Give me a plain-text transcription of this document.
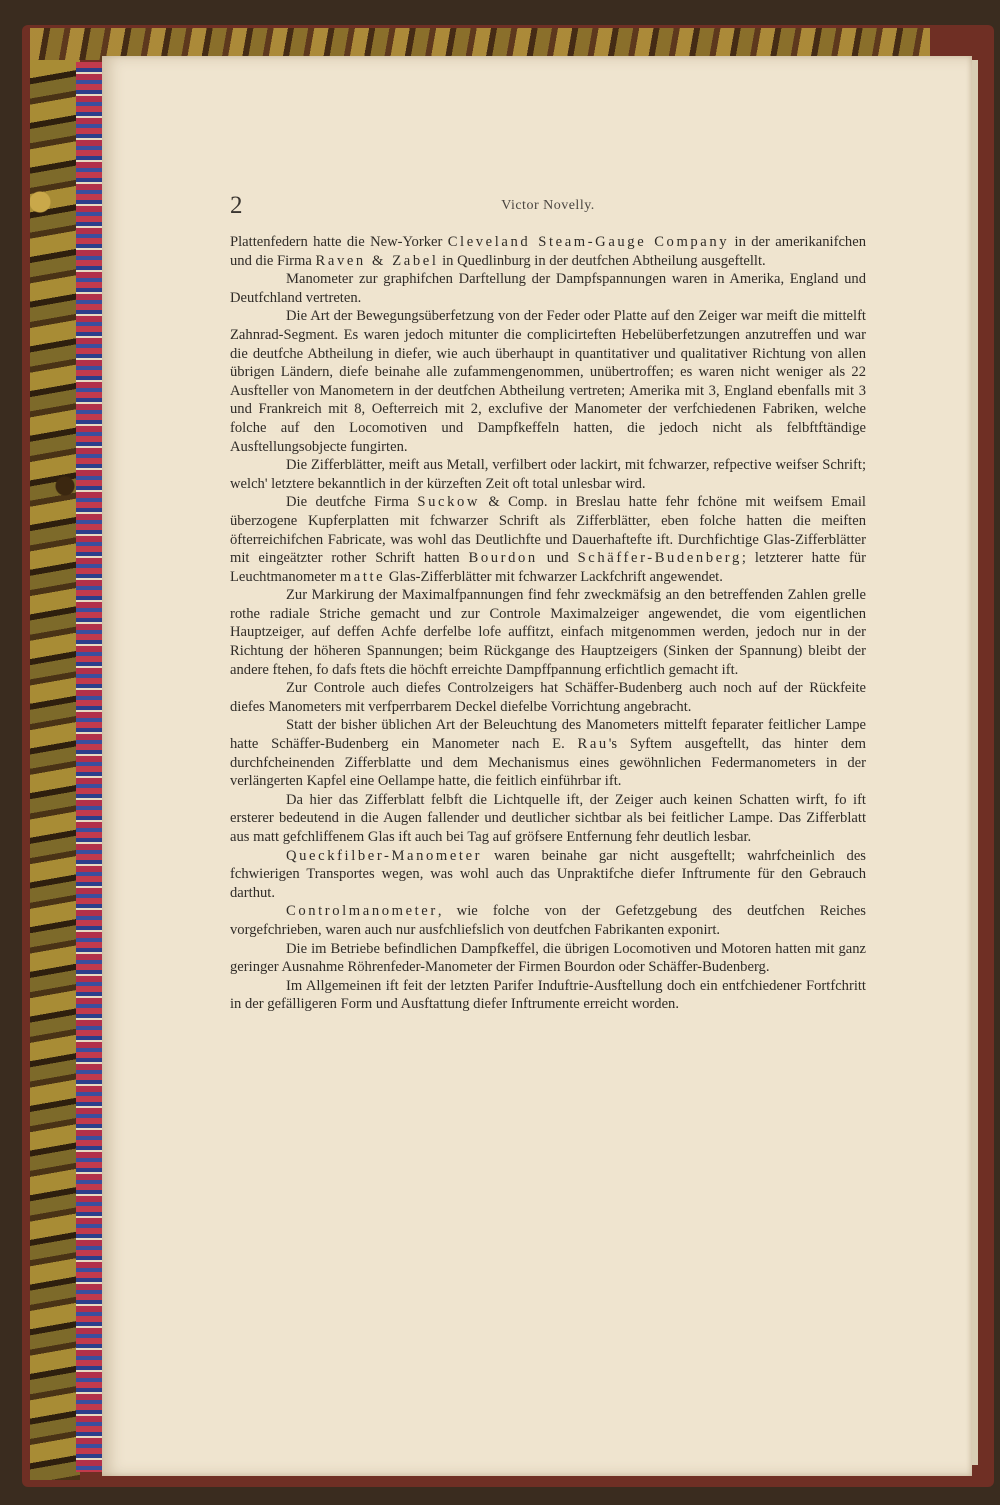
2	Victor Novelly.

Plattenfedern hatte die New-Yorker Cleveland Steam-Gauge Company in der amerikanifchen und die Firma Raven & Zabel in Quedlinburg in der deutfchen Abtheilung ausgeftellt.

Manometer zur graphifchen Darftellung der Dampfspannungen waren in Amerika, England und Deutfchland vertreten.

Die Art der Bewegungsüberfetzung von der Feder oder Platte auf den Zeiger war meift die mittelft Zahnrad-Segment. Es waren jedoch mitunter die complicirteften Hebelüberfetzungen anzutreffen und war die deutfche Abtheilung in diefer, wie auch überhaupt in quantitativer und qualitativer Richtung von allen übrigen Ländern, diefe beinahe alle zufammengenommen, unübertroffen; es waren nicht weniger als 22 Ausfteller von Manometern in der deutfchen Abtheilung vertreten; Amerika mit 3, England ebenfalls mit 3 und Frankreich mit 8, Oefterreich mit 2, exclufive der Manometer der verfchiedenen Fabriken, welche folche auf den Locomotiven und Dampfkeffeln hatten, die jedoch nicht als felbftftändige Ausftellungsobjecte fungirten.

Die Zifferblätter, meift aus Metall, verfilbert oder lackirt, mit fchwarzer, refpective weifser Schrift; welch' letztere bekanntlich in der kürzeften Zeit oft total unlesbar wird.

Die deutfche Firma Suckow & Comp. in Breslau hatte fehr fchöne mit weifsem Email überzogene Kupferplatten mit fchwarzer Schrift als Zifferblätter, eben folche hatten die meiften öfterreichifchen Fabricate, was wohl das Deutlichfte und Dauerhaftefte ift. Durchfichtige Glas-Zifferblätter mit eingeätzter rother Schrift hatten Bourdon und Schäffer-Budenberg; letzterer hatte für Leuchtmanometer matte Glas-Zifferblätter mit fchwarzer Lackfchrift angewendet.

Zur Markirung der Maximalfpannungen find fehr zweckmäfsig an den betreffenden Zahlen grelle rothe radiale Striche gemacht und zur Controle Maximalzeiger angewendet, die vom eigentlichen Hauptzeiger, auf deffen Achfe derfelbe lofe auffitzt, einfach mitgenommen werden, jedoch nur in der Richtung der höheren Spannungen; beim Rückgange des Hauptzeigers (Sinken der Spannung) bleibt der andere ftehen, fo dafs ftets die höchft erreichte Dampffpannung erfichtlich gemacht ift.

Zur Controle auch diefes Controlzeigers hat Schäffer-Budenberg auch noch auf der Rückfeite diefes Manometers mit verfperrbarem Deckel diefelbe Vorrichtung angebracht.

Statt der bisher üblichen Art der Beleuchtung des Manometers mittelft feparater feitlicher Lampe hatte Schäffer-Budenberg ein Manometer nach E. Rau's Syftem ausgeftellt, das hinter dem durchfcheinenden Zifferblatte und dem Mechanismus eines gewöhnlichen Federmanometers in der verlängerten Kapfel eine Oellampe hatte, die feitlich einführbar ift.

Da hier das Zifferblatt felbft die Lichtquelle ift, der Zeiger auch keinen Schatten wirft, fo ift ersterer bedeutend in die Augen fallender und deutlicher sichtbar als bei feitlicher Lampe. Das Zifferblatt aus matt gefchliffenem Glas ift auch bei Tag auf gröfsere Entfernung fehr deutlich lesbar.

Queckfilber-Manometer waren beinahe gar nicht ausgeftellt; wahrfcheinlich des fchwierigen Transportes wegen, was wohl auch das Unpraktifche diefer Inftrumente für den Gebrauch darthut.

Controlmanometer, wie folche von der Gefetzgebung des deutfchen Reiches vorgefchrieben, waren auch nur ausfchliefslich von deutfchen Fabrikanten exponirt.

Die im Betriebe befindlichen Dampfkeffel, die übrigen Locomotiven und Motoren hatten mit ganz geringer Ausnahme Röhrenfeder-Manometer der Firmen Bourdon oder Schäffer-Budenberg.

Im Allgemeinen ift feit der letzten Parifer Induftrie-Ausftellung doch ein entfchiedener Fortfchritt in der gefälligeren Form und Ausftattung diefer Inftrumente erreicht worden.
